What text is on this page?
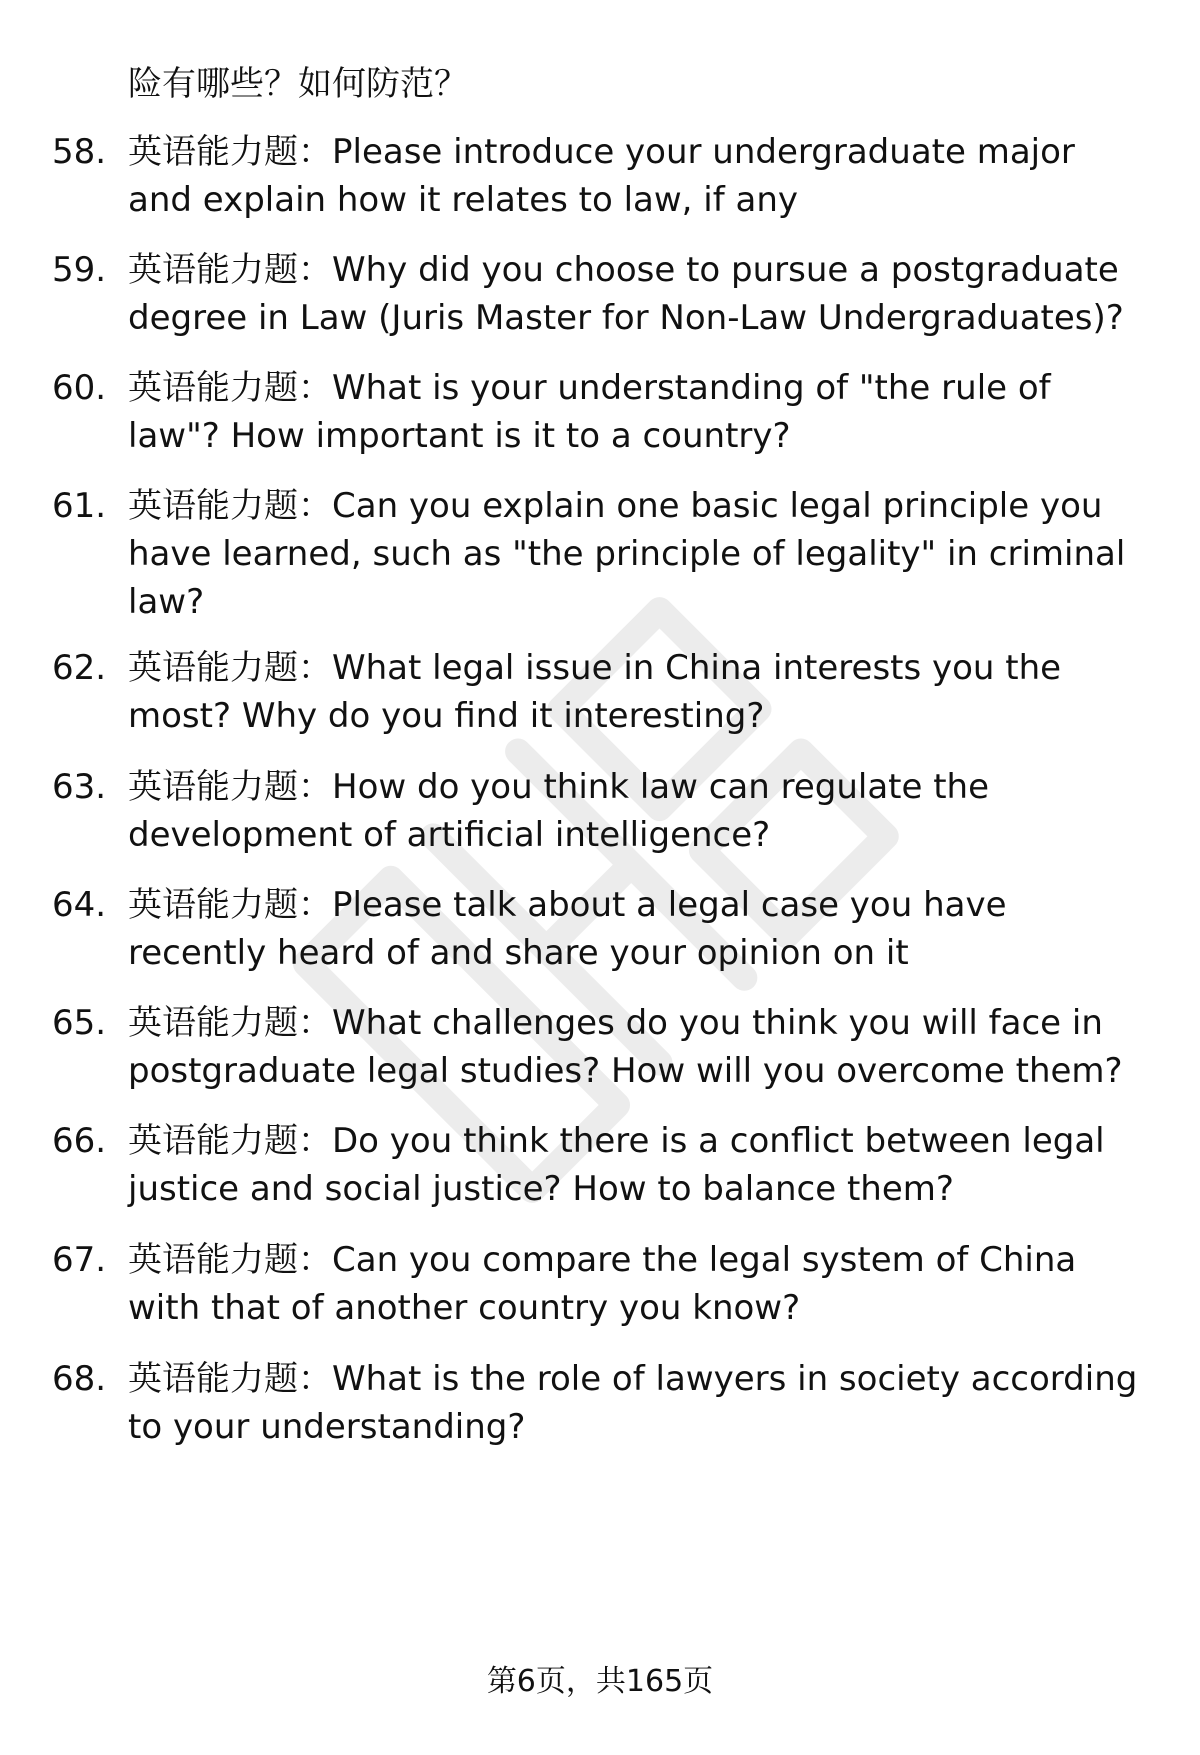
险有哪些？如何防范？
58. 英语能力题：Please introduce your undergraduate major
and explain how it relates to law, if any
59. 英语能力题：Why did you choose to pursue a postgraduate
degree in Law (Juris Master for Non-Law Undergraduates)?
60. 英语能力题：What is your understanding of "the rule of
law"? How important is it to a country?
61. 英语能力题：Can you explain one basic legal principle you
have learned, such as "the principle of legality" in criminal
law?
62. 英语能力题：What legal issue in China interests you the
most? Why do you find it interesting?
63. 英语能力题：How do you think law can regulate the
development of artificial intelligence?
64. 英语能力题：Please talk about a legal case you have
recently heard of and share your opinion on it
65. 英语能力题：What challenges do you think you will face in
postgraduate legal studies? How will you overcome them?
66. 英语能力题：Do you think there is a conflict between legal
justice and social justice? How to balance them?
67. 英语能力题：Can you compare the legal system of China
with that of another country you know?
68. 英语能力题：What is the role of lawyers in society according
to your understanding?
第6页，共165页
